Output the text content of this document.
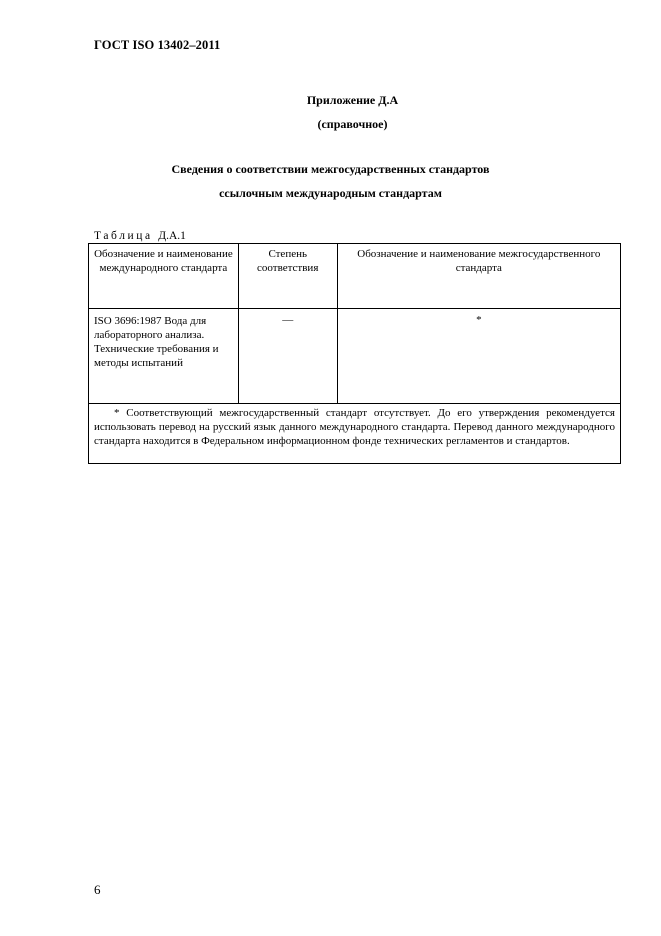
ГОСТ ISO 13402–2011
Приложение Д.А
(справочное)
Сведения о соответствии межгосударственных стандартов
ссылочным международным стандартам
Таблица Д.А.1
Обозначение и наименование международного стандарта	Степень соответствия	Обозначение и наименование межгосударственного стандарта
ISO 3696:1987 Вода для лабораторного анализа. Технические требования и методы испытаний	—	*
* Соответствующий межгосударственный стандарт отсутствует. До его утверждения рекомендуется использовать перевод на русский язык данного международного стандарта. Перевод данного международного стандарта находится в Федеральном информационном фонде технических регламентов и стандартов.		
6
